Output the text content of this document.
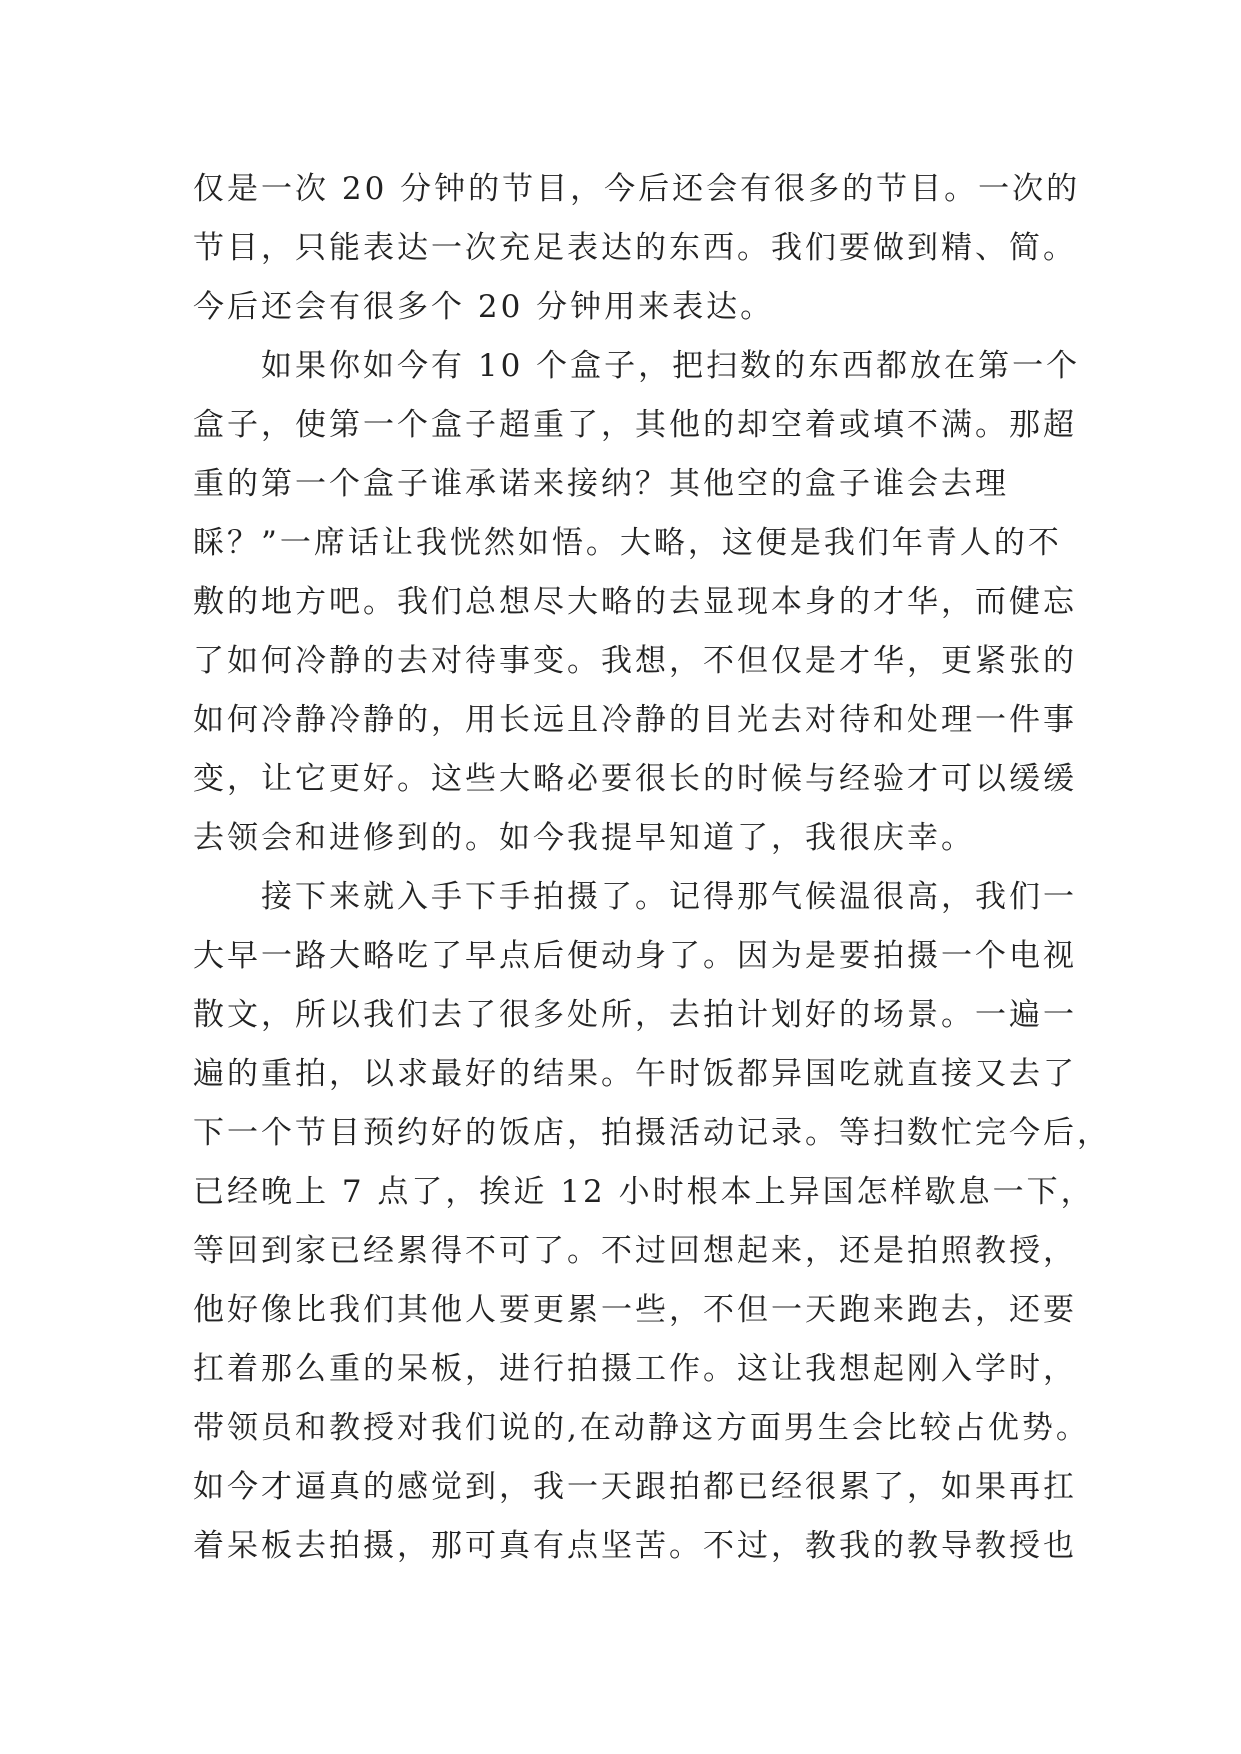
仅是一次 20 分钟的节目，今后还会有很多的节目。一次的
节目，只能表达一次充足表达的东西。我们要做到精、简。
今后还会有很多个 20 分钟用来表达。
　　如果你如今有 10 个盒子，把扫数的东西都放在第一个
盒子，使第一个盒子超重了，其他的却空着或填不满。那超
重的第一个盒子谁承诺来接纳？其他空的盒子谁会去理
睬？”一席话让我恍然如悟。大略，这便是我们年青人的不
敷的地方吧。我们总想尽大略的去显现本身的才华，而健忘
了如何冷静的去对待事变。我想，不但仅是才华，更紧张的
如何冷静冷静的，用长远且冷静的目光去对待和处理一件事
变，让它更好。这些大略必要很长的时候与经验才可以缓缓
去领会和进修到的。如今我提早知道了，我很庆幸。
　　接下来就入手下手拍摄了。记得那气候温很高，我们一
大早一路大略吃了早点后便动身了。因为是要拍摄一个电视
散文，所以我们去了很多处所，去拍计划好的场景。一遍一
遍的重拍，以求最好的结果。午时饭都异国吃就直接又去了
下一个节目预约好的饭店，拍摄活动记录。等扫数忙完今后，
已经晚上 7 点了，挨近 12 小时根本上异国怎样歇息一下，
等回到家已经累得不可了。不过回想起来，还是拍照教授，
他好像比我们其他人要更累一些，不但一天跑来跑去，还要
扛着那么重的呆板，进行拍摄工作。这让我想起刚入学时，
带领员和教授对我们说的,在动静这方面男生会比较占优势。
如今才逼真的感觉到，我一天跟拍都已经很累了，如果再扛
着呆板去拍摄，那可真有点坚苦。不过，教我的教导教授也
